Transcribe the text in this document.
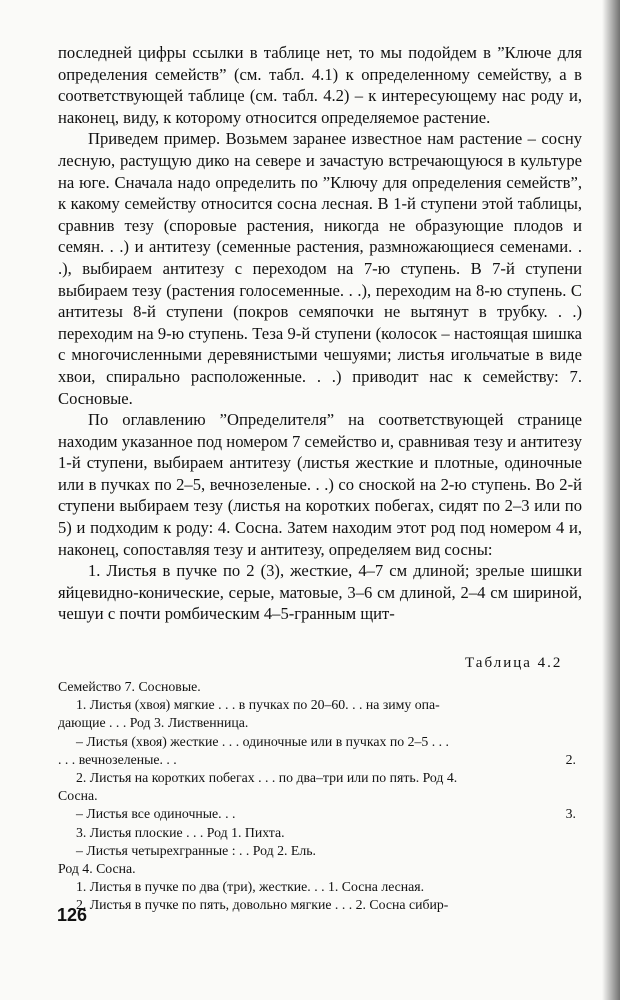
последней цифры ссылки в таблице нет, то мы подойдем в ”Ключе для определения семейств” (см. табл. 4.1) к определенному семейству, а в соответствующей таблице (см. табл. 4.2) – к интересующему нас роду и, наконец, виду, к которому относится определяемое растение.

Приведем пример. Возьмем заранее известное нам растение – сосну лесную, растущую дико на севере и зачастую встречающуюся в культуре на юге. Сначала надо определить по ”Ключу для определения семейств”, к какому семейству относится сосна лесная. В 1-й ступени этой таблицы, сравнив тезу (споровые растения, никогда не образующие плодов и семян. . .) и антитезу (семенные растения, размножающиеся семенами. . .), выбираем антитезу с переходом на 7-ю ступень. В 7-й ступени выбираем тезу (растения голосеменные. . .), переходим на 8-ю ступень. С антитезы 8-й ступени (покров семяпочки не вытянут в трубку. . .) переходим на 9-ю ступень. Теза 9-й ступени (колосок – настоящая шишка с многочисленными деревянистыми чешуями; листья игольчатые в виде хвои, спирально расположенные. . .) приводит нас к семейству: 7. Сосновые.

По оглавлению ”Определителя” на соответствующей странице находим указанное под номером 7 семейство и, сравнивая тезу и антитезу 1-й ступени, выбираем антитезу (листья жесткие и плотные, одиночные или в пучках по 2–5, вечнозеленые. . .) со сноской на 2-ю ступень. Во 2-й ступени выбираем тезу (листья на коротких побегах, сидят по 2–3 или по 5) и подходим к роду: 4. Сосна. Затем находим этот род под номером 4 и, наконец, сопоставляя тезу и антитезу, определяем вид сосны:

1. Листья в пучке по 2 (3), жесткие, 4–7 см длиной; зрелые шишки яйцевидно-конические, серые, матовые, 3–6 см длиной, 2–4 см шириной, чешуи с почти ромбическим 4–5-гранным щит-

Таблица 4.2
Семейство 7. Сосновые.
1. Листья (хвоя) мягкие . . . в пучках по 20–60. . . на зиму опа-
дающие . . . Род 3. Лиственница.
– Листья (хвоя) жесткие . . . одиночные или в пучках по 2–5 . . .
. . . вечнозеленые. . .	2.
2. Листья на коротких побегах . . . по два–три или по пять. Род 4.
Сосна.
– Листья все одиночные. . .	3.
3. Листья плоские . . . Род 1. Пихта.
– Листья четырехгранные : . . Род 2. Ель.
Род 4. Сосна.
1. Листья в пучке по два (три), жесткие. . . 1. Сосна лесная.
2. Листья в пучке по пять, довольно мягкие . . . 2. Сосна сибир-
126
